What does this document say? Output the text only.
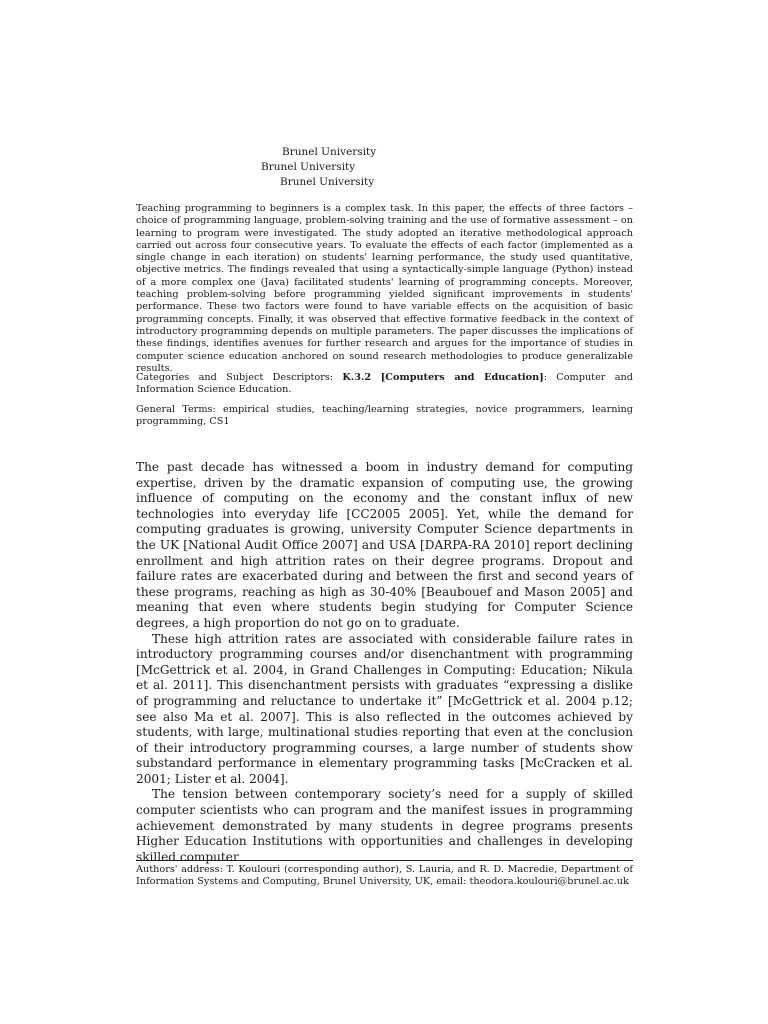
Brunel University
Brunel University
Brunel University
Teaching programming to beginners is a complex task. In this paper, the effects of three factors – choice of programming language, problem-solving training and the use of formative assessment – on learning to program were investigated. The study adopted an iterative methodological approach carried out across four consecutive years. To evaluate the effects of each factor (implemented as a single change in each iteration) on students' learning performance, the study used quantitative, objective metrics. The findings revealed that using a syntactically-simple language (Python) instead of a more complex one (Java) facilitated students' learning of programming concepts. Moreover, teaching problem-solving before programming yielded significant improvements in students' performance. These two factors were found to have variable effects on the acquisition of basic programming concepts. Finally, it was observed that effective formative feedback in the context of introductory programming depends on multiple parameters. The paper discusses the implications of these findings, identifies avenues for further research and argues for the importance of studies in computer science education anchored on sound research methodologies to produce generalizable results.
Categories and Subject Descriptors: K.3.2 [Computers and Education]: Computer and Information Science Education.
General Terms: empirical studies, teaching/learning strategies, novice programmers, learning programming, CS1

The past decade has witnessed a boom in industry demand for computing expertise, driven by the dramatic expansion of computing use, the growing influence of computing on the economy and the constant influx of new technologies into everyday life [CC2005 2005]. Yet, while the demand for computing graduates is growing, university Computer Science departments in the UK [National Audit Office 2007] and USA [DARPA-RA 2010] report declining enrollment and high attrition rates on their degree programs. Dropout and failure rates are exacerbated during and between the first and second years of these programs, reaching as high as 30-40% [Beaubouef and Mason 2005] and meaning that even where students begin studying for Computer Science degrees, a high proportion do not go on to graduate.

These high attrition rates are associated with considerable failure rates in introductory programming courses and/or disenchantment with programming [McGettrick et al. 2004, in Grand Challenges in Computing: Education; Nikula et al. 2011]. This disenchantment persists with graduates “expressing a dislike of programming and reluctance to undertake it” [McGettrick et al. 2004 p.12; see also Ma et al. 2007]. This is also reflected in the outcomes achieved by students, with large, multinational studies reporting that even at the conclusion of their introductory programming courses, a large number of students show substandard performance in elementary programming tasks [McCracken et al. 2001; Lister et al. 2004].

The tension between contemporary society’s need for a supply of skilled computer scientists who can program and the manifest issues in programming achievement demonstrated by many students in degree programs presents Higher Education Institutions with opportunities and challenges in developing skilled computer

Authors' address: T. Koulouri (corresponding author), S. Lauria, and R. D. Macredie, Department of Information Systems and Computing, Brunel University, UK, email: theodora.koulouri@brunel.ac.uk
